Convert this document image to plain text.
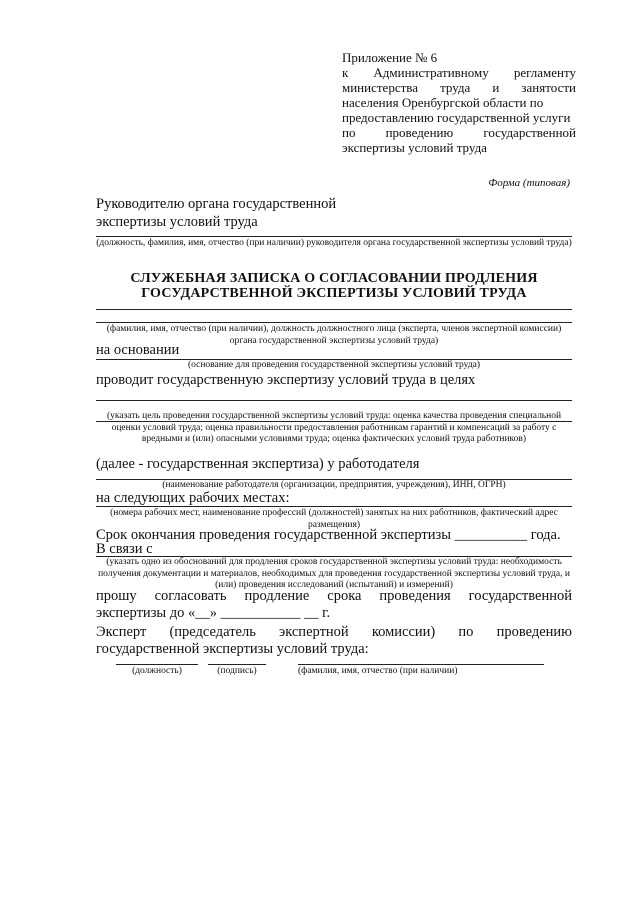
Приложение № 6
к Административному регламенту
министерства труда и занятости
населения Оренбургской области по
предоставлению государственной услуги
по проведению государственной
экспертизы условий труда
Форма (типовая)
Руководителю органа государственной
экспертизы условий труда
(должность, фамилия, имя, отчество (при наличии) руководителя органа государственной экспертизы условий труда)
СЛУЖЕБНАЯ ЗАПИСКА О СОГЛАСОВАНИИ ПРОДЛЕНИЯ
ГОСУДАРСТВЕННОЙ ЭКСПЕРТИЗЫ УСЛОВИЙ ТРУДА
(фамилия, имя, отчество (при наличии), должность должностного лица (эксперта, членов экспертной комиссии) органа государственной экспертизы условий труда)
на основании
(основание для проведения государственной экспертизы условий труда)
проводит государственную экспертизу условий труда в целях
(указать цель проведения государственной экспертизы условий труда: оценка качества проведения специальной оценки условий труда; оценка правильности предоставления работникам гарантий и компенсаций за работу с вредными и (или) опасными условиями труда; оценка фактических условий труда работников)
(далее - государственная экспертиза) у работодателя
(наименование работодателя (организации, предприятия, учреждения), ИНН, ОГРН)
на следующих рабочих местах:
(номера рабочих мест, наименование профессий (должностей) занятых на них работников, фактический адрес размещения)
Срок окончания проведения государственной экспертизы __________ года.
В связи с
(указать одно из обоснований для продления сроков государственной экспертизы условий труда: необходимость получения документации и материалов, необходимых для проведения государственной экспертизы условий труда, и (или) проведения исследований (испытаний) и измерений)
прошу согласовать продление срока проведения государственной
экспертизы до «__» ___________ __ г.
Эксперт (председатель экспертной комиссии) по проведению
государственной экспертизы условий труда:
(должность)	(подпись)	(фамилия, имя, отчество (при наличии)
